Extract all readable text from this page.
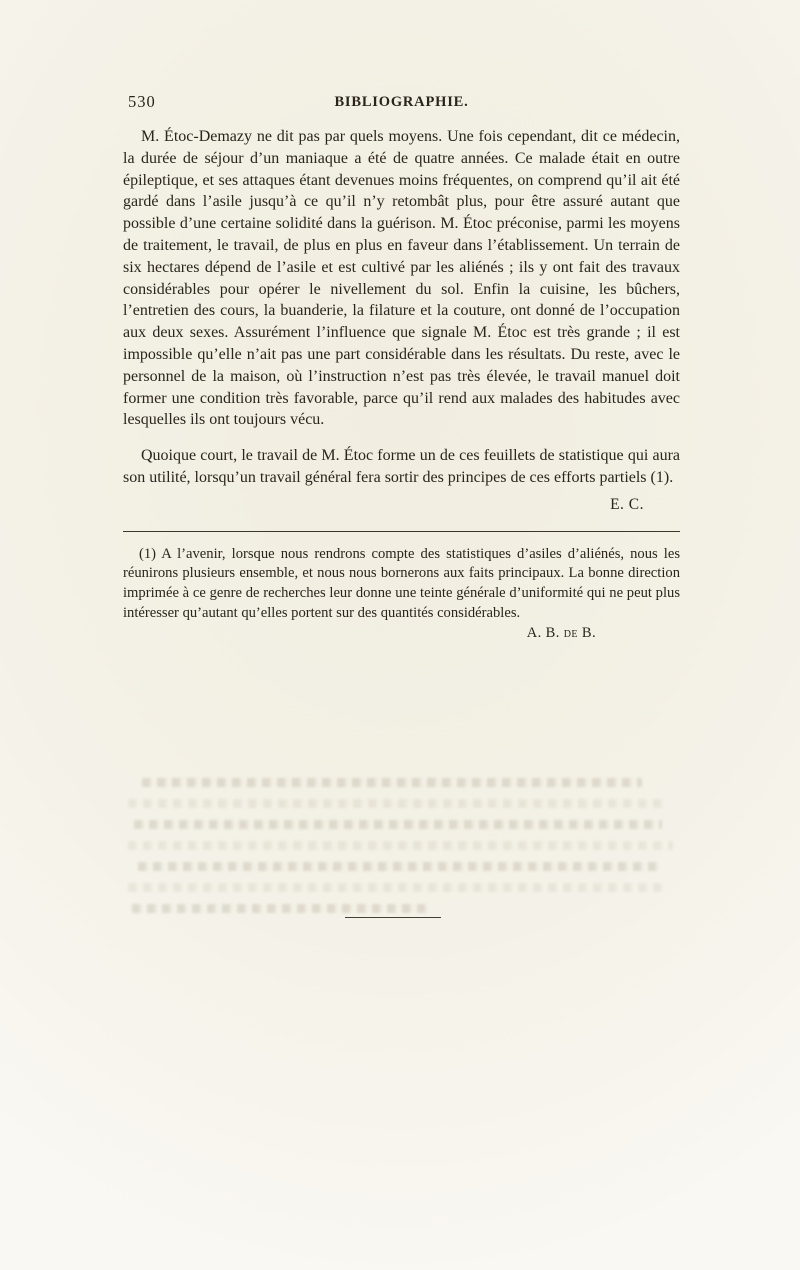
530	BIBLIOGRAPHIE.

M. Étoc-Demazy ne dit pas par quels moyens. Une fois cependant, dit ce médecin, la durée de séjour d’un maniaque a été de quatre années. Ce malade était en outre épileptique, et ses attaques étant devenues moins fréquentes, on comprend qu’il ait été gardé dans l’asile jusqu’à ce qu’il n’y retombât plus, pour être assuré autant que possible d’une certaine solidité dans la guérison. M. Étoc préconise, parmi les moyens de traitement, le travail, de plus en plus en faveur dans l’établissement. Un terrain de six hectares dépend de l’asile et est cultivé par les aliénés ; ils y ont fait des travaux considérables pour opérer le nivellement du sol. Enfin la cuisine, les bûchers, l’entretien des cours, la buanderie, la filature et la couture, ont donné de l’occupation aux deux sexes. Assurément l’influence que signale M. Étoc est très grande ; il est impossible qu’elle n’ait pas une part considérable dans les résultats. Du reste, avec le personnel de la maison, où l’instruction n’est pas très élevée, le travail manuel doit former une condition très favorable, parce qu’il rend aux malades des habitudes avec lesquelles ils ont toujours vécu.

Quoique court, le travail de M. Étoc forme un de ces feuillets de statistique qui aura son utilité, lorsqu’un travail général fera sortir des principes de ces efforts partiels (1).

E. C.

(1) A l’avenir, lorsque nous rendrons compte des statistiques d’asiles d’aliénés, nous les réunirons plusieurs ensemble, et nous nous bornerons aux faits principaux. La bonne direction imprimée à ce genre de recherches leur donne une teinte générale d’uniformité qui ne peut plus intéresser qu’autant qu’elles portent sur des quantités considérables.

A. B. de B.
